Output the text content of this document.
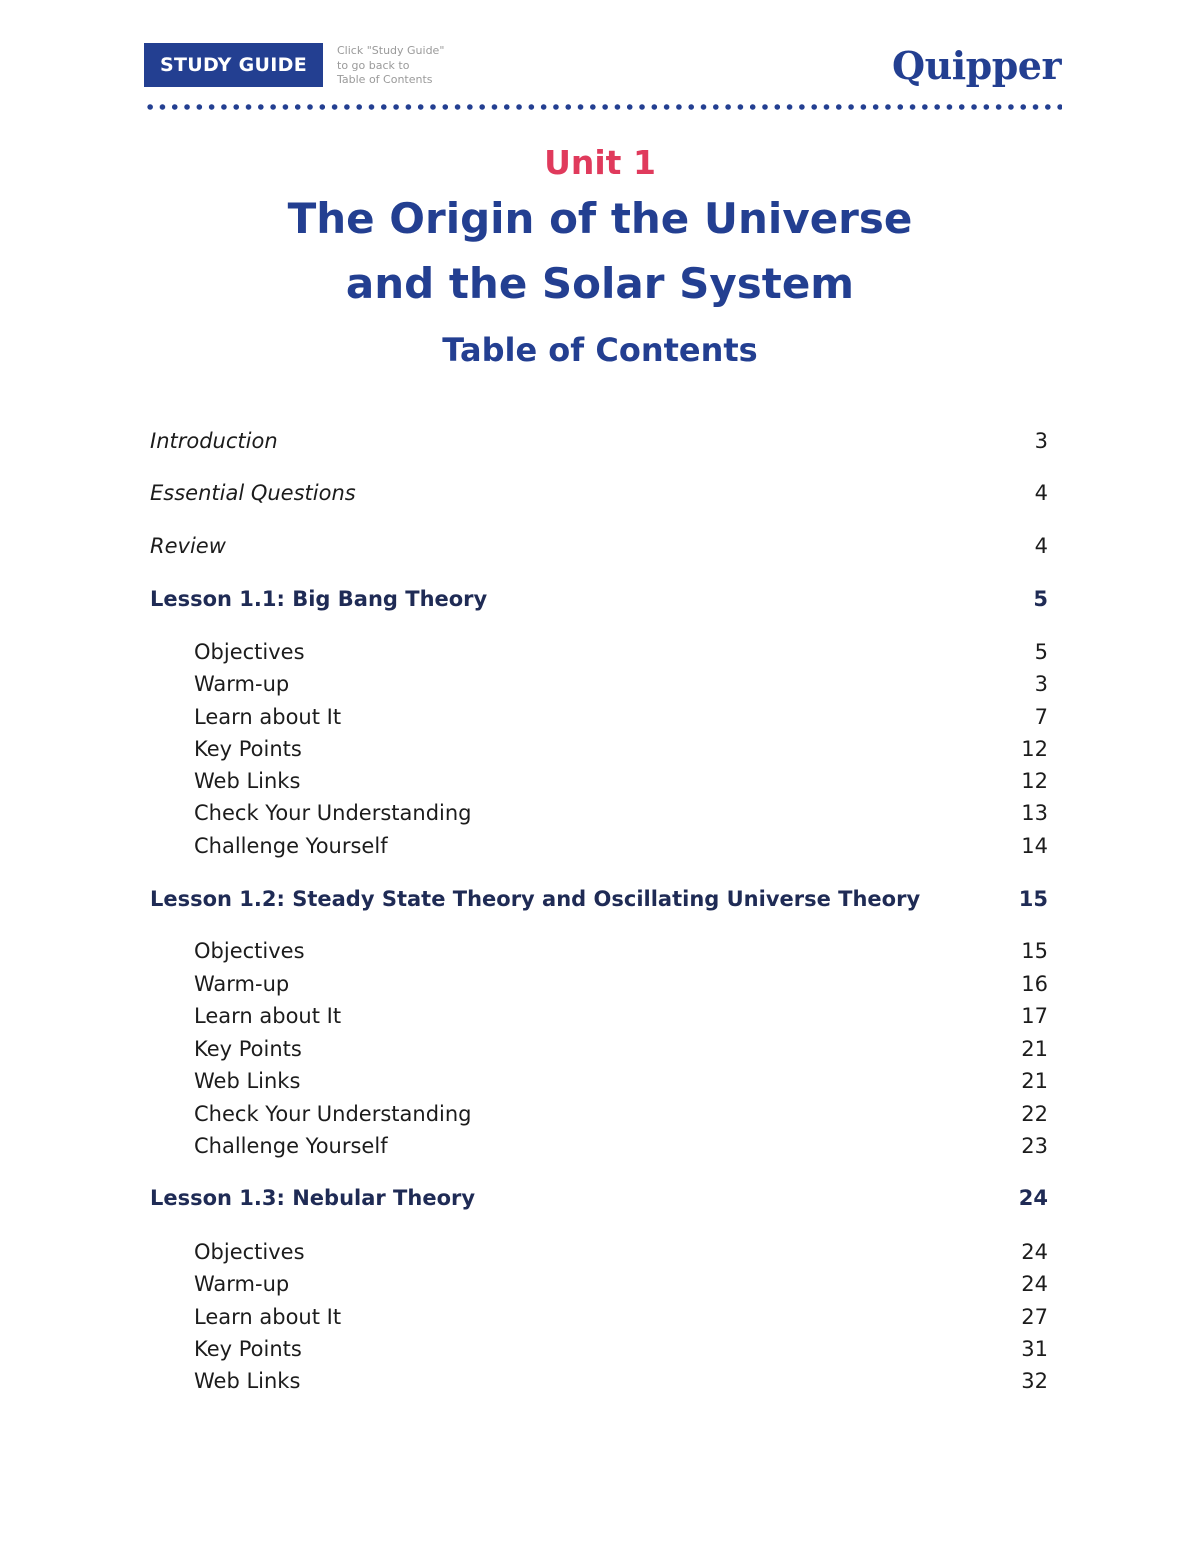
STUDY GUIDE
Click "Study Guide"
to go back to
Table of Contents	Quipper
Unit 1
The Origin of the Universe
and the Solar System
Table of Contents
Introduction	3
Essential Questions	4
Review	4
Lesson 1.1: Big Bang Theory	5
Objectives	5
Warm-up	3
Learn about It	7
Key Points	12
Web Links	12
Check Your Understanding	13
Challenge Yourself	14
Lesson 1.2: Steady State Theory and Oscillating Universe Theory	15
Objectives	15
Warm-up	16
Learn about It	17
Key Points	21
Web Links	21
Check Your Understanding	22
Challenge Yourself	23
Lesson 1.3: Nebular Theory	24
Objectives	24
Warm-up	24
Learn about It	27
Key Points	31
Web Links	32
